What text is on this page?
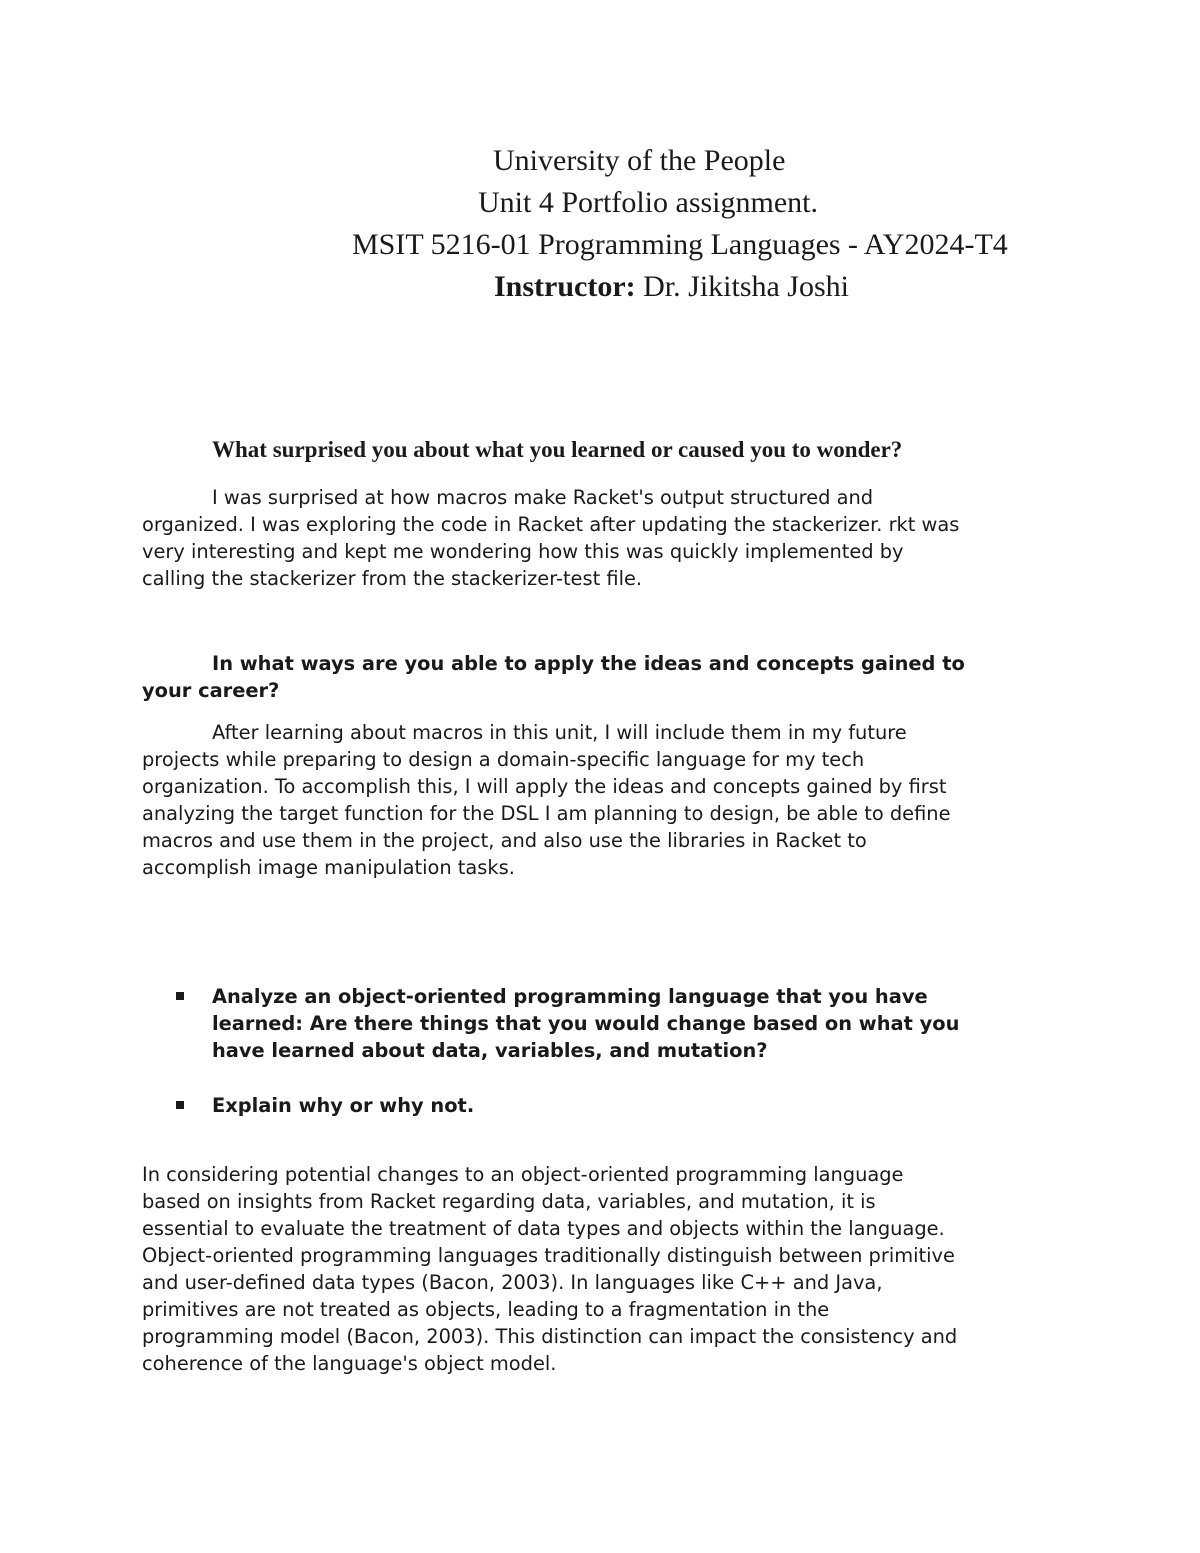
University of the People
Unit 4 Portfolio assignment.
MSIT 5216-01 Programming Languages - AY2024-T4
Instructor: Dr. Jikitsha Joshi
What surprised you about what you learned or caused you to wonder?

I was surprised at how macros make Racket's output structured and
organized. I was exploring the code in Racket after updating the stackerizer. rkt was
very interesting and kept me wondering how this was quickly implemented by
calling the stackerizer from the stackerizer-test file.

In what ways are you able to apply the ideas and concepts gained to
your career?

After learning about macros in this unit, I will include them in my future
projects while preparing to design a domain-specific language for my tech
organization. To accomplish this, I will apply the ideas and concepts gained by first
analyzing the target function for the DSL I am planning to design, be able to define
macros and use them in the project, and also use the libraries in Racket to
accomplish image manipulation tasks.

Analyze an object-oriented programming language that you have
learned: Are there things that you would change based on what you
have learned about data, variables, and mutation?
Explain why or why not.

In considering potential changes to an object-oriented programming language
based on insights from Racket regarding data, variables, and mutation, it is
essential to evaluate the treatment of data types and objects within the language.
Object-oriented programming languages traditionally distinguish between primitive
and user-defined data types (Bacon, 2003). In languages like C++ and Java,
primitives are not treated as objects, leading to a fragmentation in the
programming model (Bacon, 2003). This distinction can impact the consistency and
coherence of the language's object model.
